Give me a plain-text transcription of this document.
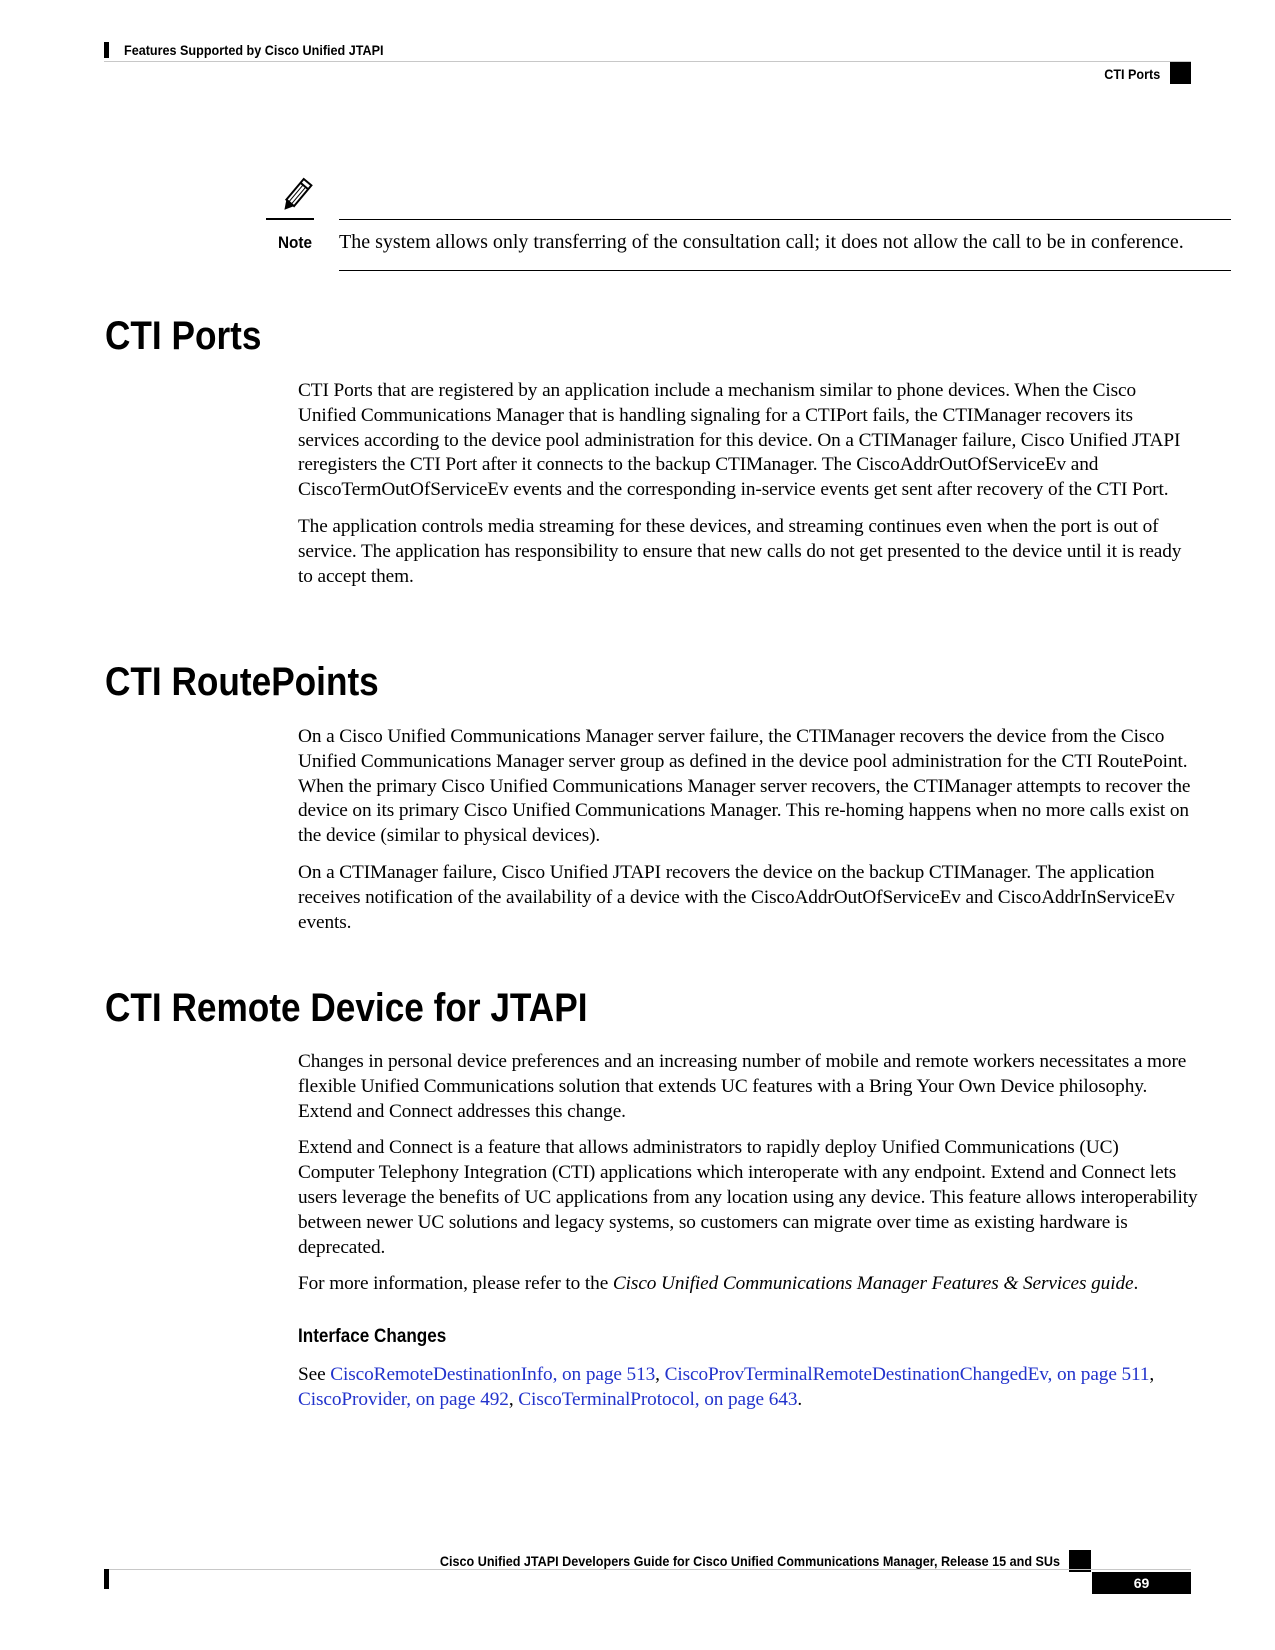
Features Supported by Cisco Unified JTAPI
CTI Ports
Note The system allows only transferring of the consultation call; it does not allow the call to be in conference.
CTI Ports

CTI Ports that are registered by an application include a mechanism similar to phone devices. When the Cisco Unified Communications Manager that is handling signaling for a CTIPort fails, the CTIManager recovers its services according to the device pool administration for this device. On a CTIManager failure, Cisco Unified JTAPI reregisters the CTI Port after it connects to the backup CTIManager. The CiscoAddrOutOfServiceEv and CiscoTermOutOfServiceEv events and the corresponding in-service events get sent after recovery of the CTI Port.

The application controls media streaming for these devices, and streaming continues even when the port is out of service. The application has responsibility to ensure that new calls do not get presented to the device until it is ready to accept them.

CTI RoutePoints

On a Cisco Unified Communications Manager server failure, the CTIManager recovers the device from the Cisco Unified Communications Manager server group as defined in the device pool administration for the CTI RoutePoint. When the primary Cisco Unified Communications Manager server recovers, the CTIManager attempts to recover the device on its primary Cisco Unified Communications Manager. This re-homing happens when no more calls exist on the device (similar to physical devices).

On a CTIManager failure, Cisco Unified JTAPI recovers the device on the backup CTIManager. The application receives notification of the availability of a device with the CiscoAddrOutOfServiceEv and CiscoAddrInServiceEv events.

CTI Remote Device for JTAPI

Changes in personal device preferences and an increasing number of mobile and remote workers necessitates a more flexible Unified Communications solution that extends UC features with a Bring Your Own Device philosophy. Extend and Connect addresses this change.

Extend and Connect is a feature that allows administrators to rapidly deploy Unified Communications (UC) Computer Telephony Integration (CTI) applications which interoperate with any endpoint. Extend and Connect lets users leverage the benefits of UC applications from any location using any device. This feature allows interoperability between newer UC solutions and legacy systems, so customers can migrate over time as existing hardware is deprecated.

For more information, please refer to the Cisco Unified Communications Manager Features & Services guide.

Interface Changes

See CiscoRemoteDestinationInfo, on page 513, CiscoProvTerminalRemoteDestinationChangedEv, on page 511, CiscoProvider, on page 492, CiscoTerminalProtocol, on page 643.

Cisco Unified JTAPI Developers Guide for Cisco Unified Communications Manager, Release 15 and SUs
69
